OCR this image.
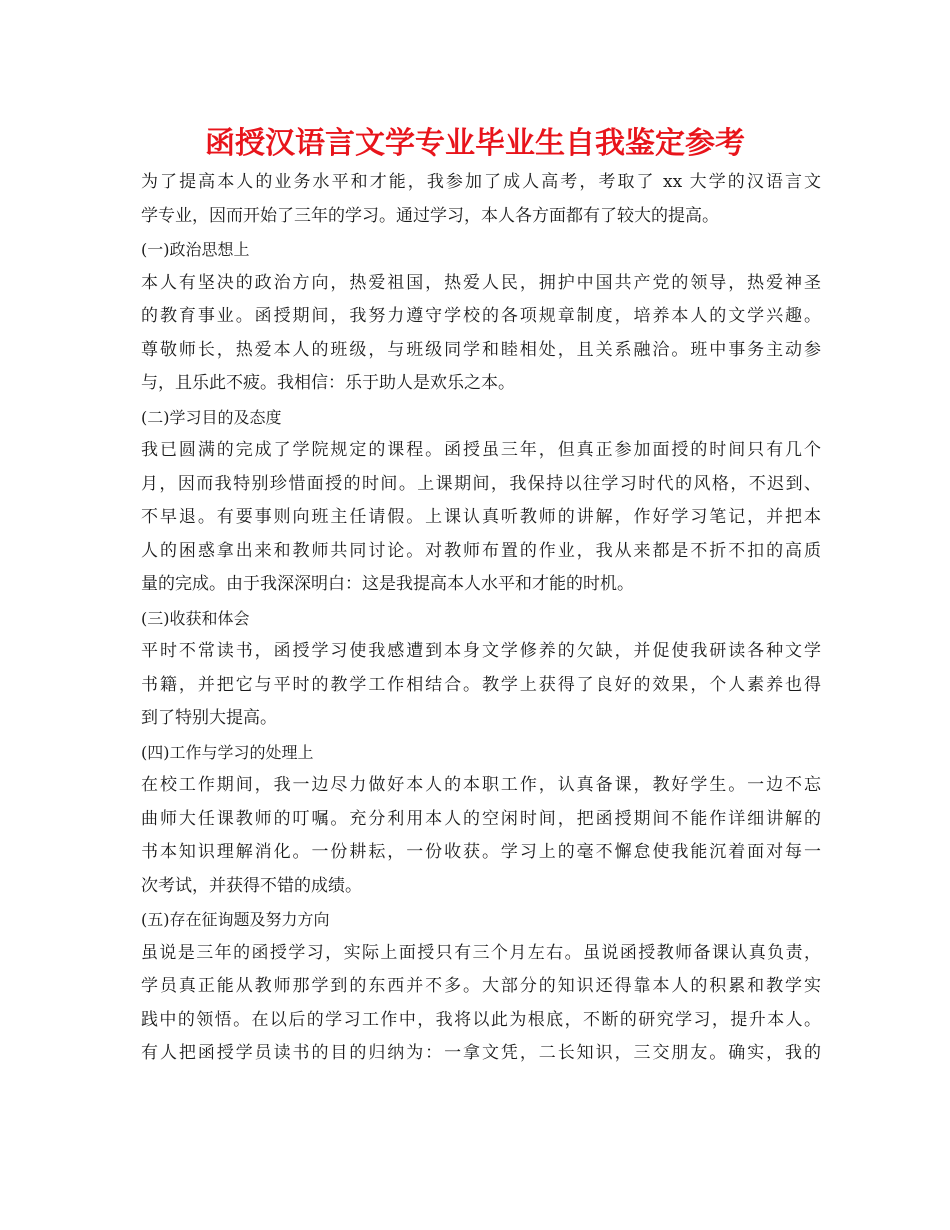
函授汉语言文学专业毕业生自我鉴定参考
为了提高本人的业务水平和才能，我参加了成人高考，考取了 xx 大学的汉语言文
学专业，因而开始了三年的学习。通过学习，本人各方面都有了较大的提高。
(一)政治思想上
本人有坚决的政治方向，热爱祖国，热爱人民，拥护中国共产党的领导，热爱神圣
的教育事业。函授期间，我努力遵守学校的各项规章制度，培养本人的文学兴趣。
尊敬师长，热爱本人的班级，与班级同学和睦相处，且关系融洽。班中事务主动参
与，且乐此不疲。我相信：乐于助人是欢乐之本。
(二)学习目的及态度
我已圆满的完成了学院规定的课程。函授虽三年，但真正参加面授的时间只有几个
月，因而我特别珍惜面授的时间。上课期间，我保持以往学习时代的风格，不迟到、
不早退。有要事则向班主任请假。上课认真听教师的讲解，作好学习笔记，并把本
人的困惑拿出来和教师共同讨论。对教师布置的作业，我从来都是不折不扣的高质
量的完成。由于我深深明白：这是我提高本人水平和才能的时机。
(三)收获和体会
平时不常读书，函授学习使我感遭到本身文学修养的欠缺，并促使我研读各种文学
书籍，并把它与平时的教学工作相结合。教学上获得了良好的效果，个人素养也得
到了特别大提高。
(四)工作与学习的处理上
在校工作期间，我一边尽力做好本人的本职工作，认真备课，教好学生。一边不忘
曲师大任课教师的叮嘱。充分利用本人的空闲时间，把函授期间不能作详细讲解的
书本知识理解消化。一份耕耘，一份收获。学习上的毫不懈怠使我能沉着面对每一
次考试，并获得不错的成绩。
(五)存在征询题及努力方向
虽说是三年的函授学习，实际上面授只有三个月左右。虽说函授教师备课认真负责，
学员真正能从教师那学到的东西并不多。大部分的知识还得靠本人的积累和教学实
践中的领悟。在以后的学习工作中，我将以此为根底，不断的研究学习，提升本人。
有人把函授学员读书的目的归纳为：一拿文凭，二长知识，三交朋友。确实，我的
